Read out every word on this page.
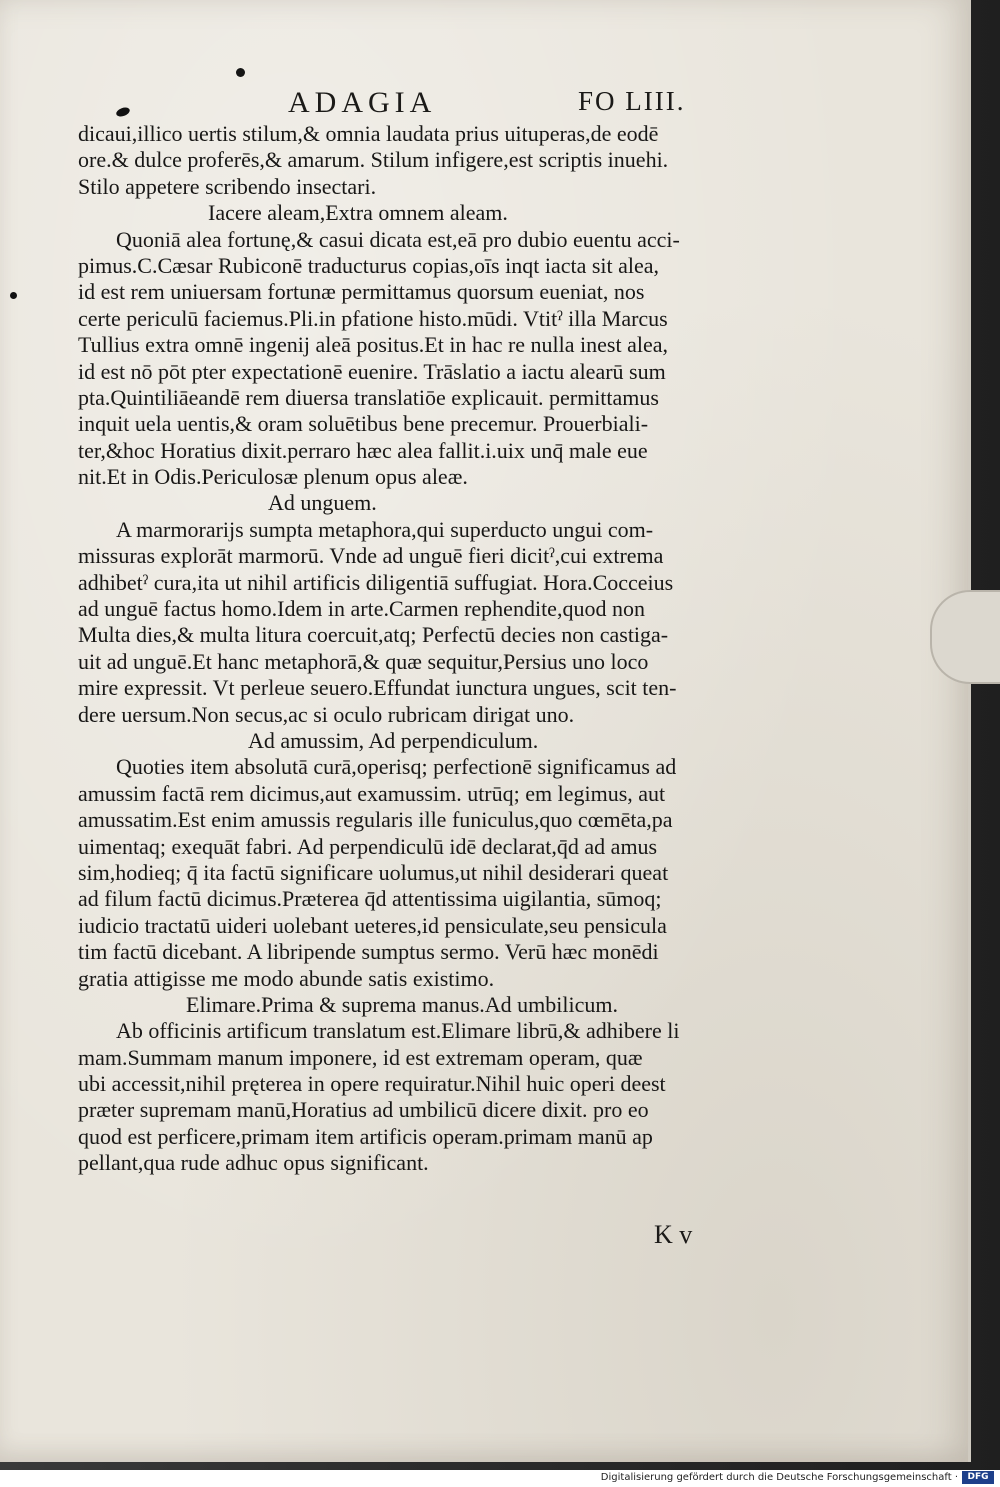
ADAGIA	FO LIII.
dicaui,illico uertis stilum,& omnia laudata prius uituperas,de eodē
ore.& dulce proferēs,& amarum. Stilum infigere,est scriptis inuehi.
Stilo appetere scribendo insectari.
Iacere aleam,Extra omnem aleam.
Quoniā alea fortunę,& casui dicata est,eā pro dubio euentu acci-
pimus.C.Cæsar Rubiconē traducturus copias,oīs inqt iacta sit alea,
id est rem uniuersam fortunæ permittamus quorsum eueniat, nos
certe periculū faciemus.Pli.in pfatione histo.mūdi. Vtitˀ illa Marcus
Tullius extra omnē ingenij aleā positus.Et in hac re nulla inest alea,
id est nō pōt pter expectationē euenire. Trāslatio a iactu alearū sum
pta.Quintiliāeandē rem diuersa translatiōe explicauit. permittamus
inquit uela uentis,& oram soluētibus bene precemur. Prouerbiali-
ter,&hoc Horatius dixit.perraro hæc alea fallit.i.uix unq̄ male eue
nit.Et in Odis.Periculosæ plenum opus aleæ.
Ad unguem.
A marmorarijs sumpta metaphora,qui superducto ungui com-
missuras explorāt marmorū. Vnde ad unguē fieri dicitˀ,cui extrema
adhibetˀ cura,ita ut nihil artificis diligentiā suffugiat. Hora.Cocceius
ad unguē factus homo.Idem in arte.Carmen rephendite,quod non
Multa dies,& multa litura coercuit,atq; Perfectū decies non castiga-
uit ad unguē.Et hanc metaphorā,& quæ sequitur,Persius uno loco
mire expressit. Vt perleue seuero.Effundat iunctura ungues, scit ten-
dere uersum.Non secus,ac si oculo rubricam dirigat uno.
Ad amussim, Ad perpendiculum.
Quoties item absolutā curā,operisq; perfectionē significamus ad
amussim factā rem dicimus,aut examussim. utrūq; em legimus, aut
amussatim.Est enim amussis regularis ille funiculus,quo cœmēta,pa
uimentaq; exequāt fabri. Ad perpendiculū idē declarat,q̄d ad amus
sim,hodieq; q̄ ita factū significare uolumus,ut nihil desiderari queat
ad filum factū dicimus.Præterea q̄d attentissima uigilantia, sūmoq;
iudicio tractatū uideri uolebant ueteres,id pensiculate,seu pensicula
tim factū dicebant. A libripende sumptus sermo. Verū hæc monēdi
gratia attigisse me modo abunde satis existimo.
Elimare.Prima & suprema manus.Ad umbilicum.
Ab officinis artificum translatum est.Elimare librū,& adhibere li
mam.Summam manum imponere, id est extremam operam, quæ
ubi accessit,nihil pręterea in opere requiratur.Nihil huic operi deest
præter supremam manū,Horatius ad umbilicū dicere dixit. pro eo
quod est perficere,primam item artificis operam.primam manū ap
pellant,qua rude adhuc opus significant.
K v
Digitalisierung gefördert durch die Deutsche Forschungsgemeinschaft ·	DFG
